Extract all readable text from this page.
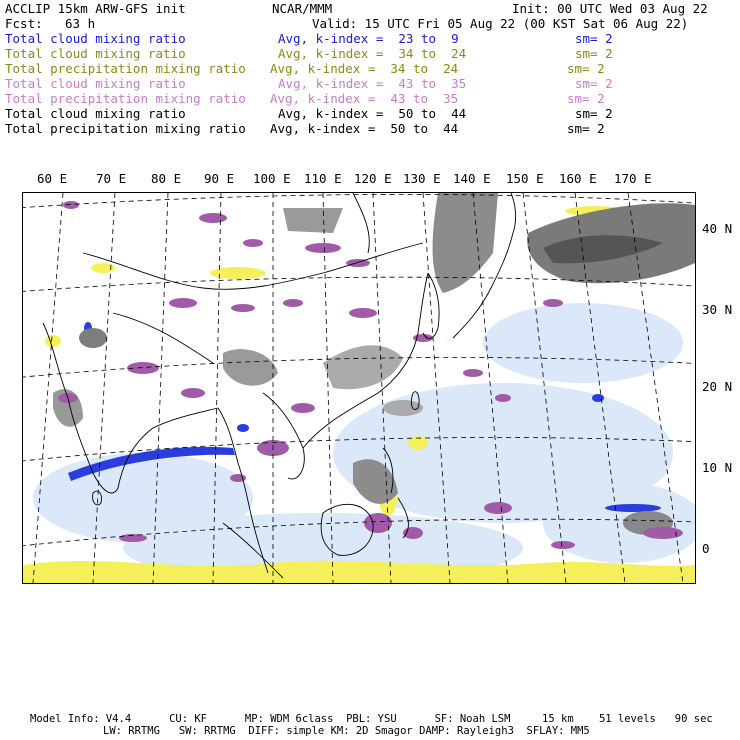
ACCLIP 15km ARW-GFS init	NCAR/MMM	Init: 00 UTC Wed 03 Aug 22
Fcst: 63 h	Valid: 15 UTC Fri 05 Aug 22 (00 KST Sat 06 Aug 22)
Total cloud mixing ratio	Avg, k-index =  23 to  9	sm= 2
Total cloud mixing ratio	Avg, k-index =  34 to  24	sm= 2
Total precipitation mixing ratio Avg, k-index =  34 to  24	sm= 2
Total cloud mixing ratio	Avg, k-index =  43 to  35	sm= 2
Total precipitation mixing ratio Avg, k-index =  43 to  35	sm= 2
Total cloud mixing ratio	Avg, k-index =  50 to  44	sm= 2
Total precipitation mixing ratio Avg, k-index =  50 to  44	sm= 2
60 E 70 E 80 E 90 E 100 E 110 E 120 E 130 E 140 E 150 E 160 E 170 E
40 N
30 N
20 N
10 N
0
Model Info: V4.4      CU: KF      MP: WDM 6class  PBL: YSU      SF: Noah LSM     15 km    51 levels   90 sec
LW: RRTMG   SW: RRTMG  DIFF: simple KM: 2D Smagor DAMP: Rayleigh3  SFLAY: MM5
